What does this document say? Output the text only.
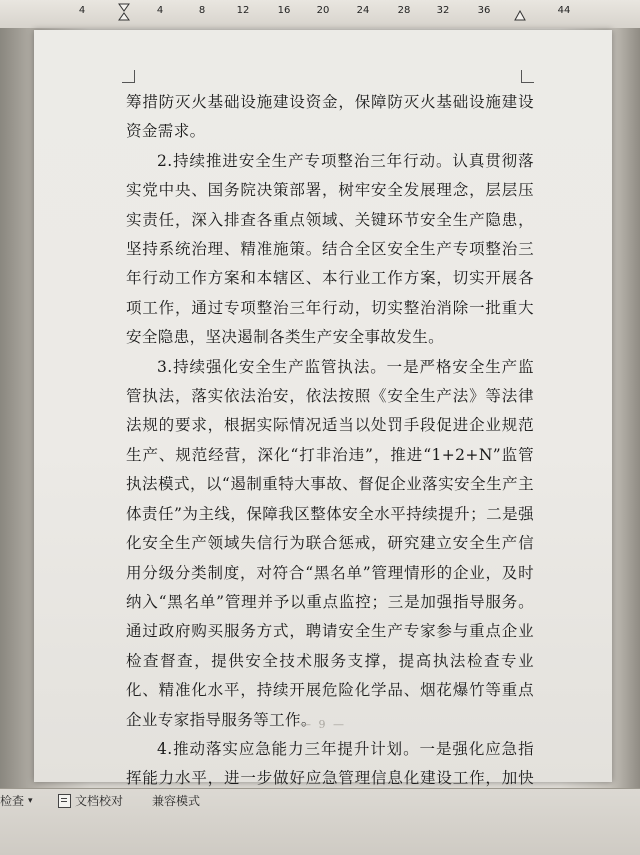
4	4	8	12	16	20	24	28	32	36	44

筹措防灭火基础设施建设资金，保障防灭火基础设施建设资金需求。

2.持续推进安全生产专项整治三年行动。认真贯彻落实党中央、国务院决策部署，树牢安全发展理念，层层压实责任，深入排查各重点领域、关键环节安全生产隐患，坚持系统治理、精准施策。结合全区安全生产专项整治三年行动工作方案和本辖区、本行业工作方案，切实开展各项工作，通过专项整治三年行动，切实整治消除一批重大安全隐患，坚决遏制各类生产安全事故发生。

3.持续强化安全生产监管执法。一是严格安全生产监管执法，落实依法治安，依法按照《安全生产法》等法律法规的要求，根据实际情况适当以处罚手段促进企业规范生产、规范经营，深化“打非治违”，推进“1+2+N”监管执法模式，以“遏制重特大事故、督促企业落实安全生产主体责任”为主线，保障我区整体安全水平持续提升；二是强化安全生产领域失信行为联合惩戒，研究建立安全生产信用分级分类制度，对符合“黑名单”管理情形的企业，及时纳入“黑名单”管理并予以重点监控；三是加强指导服务。通过政府购买服务方式，聘请安全生产专家参与重点企业检查督查，提供安全技术服务支撑，提高执法检查专业化、精准化水平，持续开展危险化学品、烟花爆竹等重点企业专家指导服务等工作。

4.推动落实应急能力三年提升计划。一是强化应急指挥能力水平，进一步做好应急管理信息化建设工作，加快

— 9 —
检查 ▾	文档校对 兼容模式
